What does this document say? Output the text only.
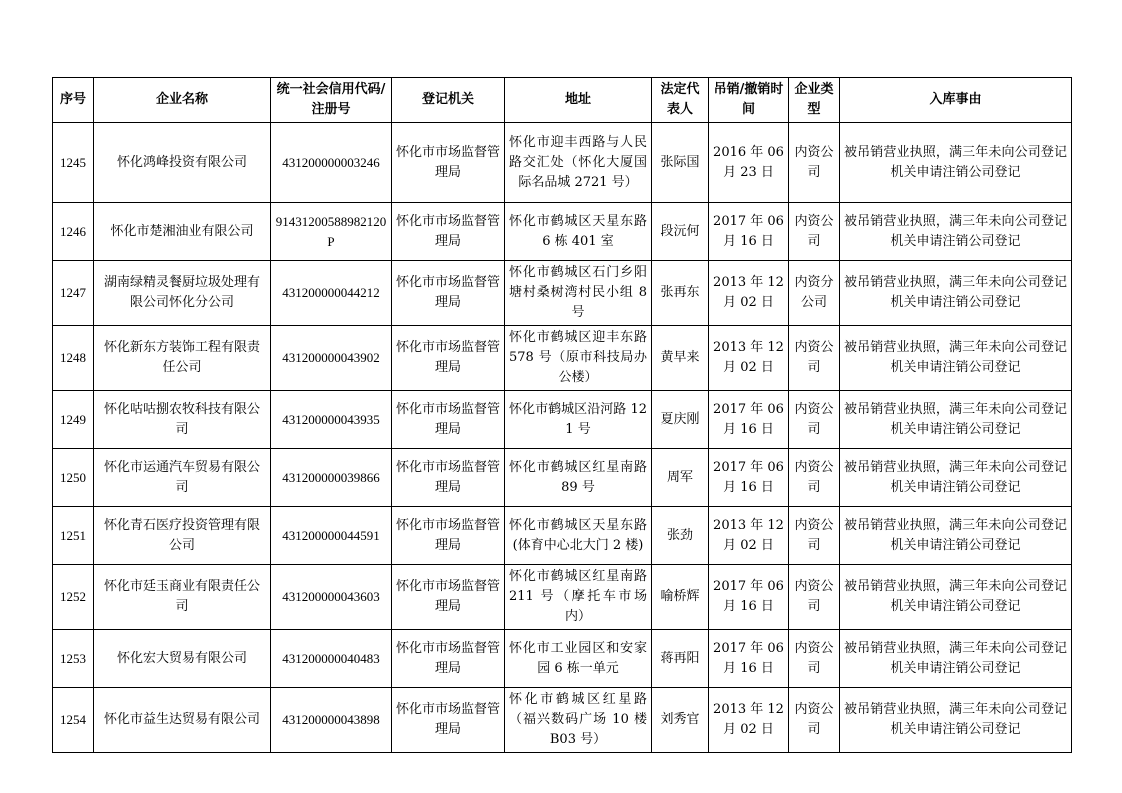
序号	企业名称	统一社会信用代码/注册号	登记机关	地址	法定代表人	吊销/撤销时间	企业类型	入库事由
1245	怀化鸿峰投资有限公司	431200000003246	怀化市市场监督管理局	怀化市迎丰西路与人民路交汇处（怀化大厦国际名品城 2721 号）	张际国	2016 年 06 月 23 日	内资公司	被吊销营业执照，满三年未向公司登记机关申请注销公司登记
1246	怀化市楚湘油业有限公司	91431200588982120P	怀化市市场监督管理局	怀化市鹤城区天星东路 6 栋 401 室	段沅何	2017 年 06 月 16 日	内资公司	被吊销营业执照，满三年未向公司登记机关申请注销公司登记
1247	湖南绿精灵餐厨垃圾处理有限公司怀化分公司	431200000044212	怀化市市场监督管理局	怀化市鹤城区石门乡阳塘村桑树湾村民小组 8 号	张再东	2013 年 12 月 02 日	内资分公司	被吊销营业执照，满三年未向公司登记机关申请注销公司登记
1248	怀化新东方装饰工程有限责任公司	431200000043902	怀化市市场监督管理局	怀化市鹤城区迎丰东路 578 号（原市科技局办公楼）	黄早来	2013 年 12 月 02 日	内资公司	被吊销营业执照，满三年未向公司登记机关申请注销公司登记
1249	怀化咕咕捌农牧科技有限公司	431200000043935	怀化市市场监督管理局	怀化市鹤城区沿河路 121 号	夏庆刚	2017 年 06 月 16 日	内资公司	被吊销营业执照，满三年未向公司登记机关申请注销公司登记
1250	怀化市运通汽车贸易有限公司	431200000039866	怀化市市场监督管理局	怀化市鹤城区红星南路 89 号	周军	2017 年 06 月 16 日	内资公司	被吊销营业执照，满三年未向公司登记机关申请注销公司登记
1251	怀化青石医疗投资管理有限公司	431200000044591	怀化市市场监督管理局	怀化市鹤城区天星东路(体育中心北大门 2 楼)	张劲	2013 年 12 月 02 日	内资公司	被吊销营业执照，满三年未向公司登记机关申请注销公司登记
1252	怀化市廷玉商业有限责任公司	431200000043603	怀化市市场监督管理局	怀化市鹤城区红星南路 211 号（摩托车市场内）	喻桥辉	2017 年 06 月 16 日	内资公司	被吊销营业执照，满三年未向公司登记机关申请注销公司登记
1253	怀化宏大贸易有限公司	431200000040483	怀化市市场监督管理局	怀化市工业园区和安家园 6 栋一单元	蒋再阳	2017 年 06 月 16 日	内资公司	被吊销营业执照，满三年未向公司登记机关申请注销公司登记
1254	怀化市益生达贸易有限公司	431200000043898	怀化市市场监督管理局	怀化市鹤城区红星路（福兴数码广场 10 楼 B03 号）	刘秀官	2013 年 12 月 02 日	内资公司	被吊销营业执照，满三年未向公司登记机关申请注销公司登记
